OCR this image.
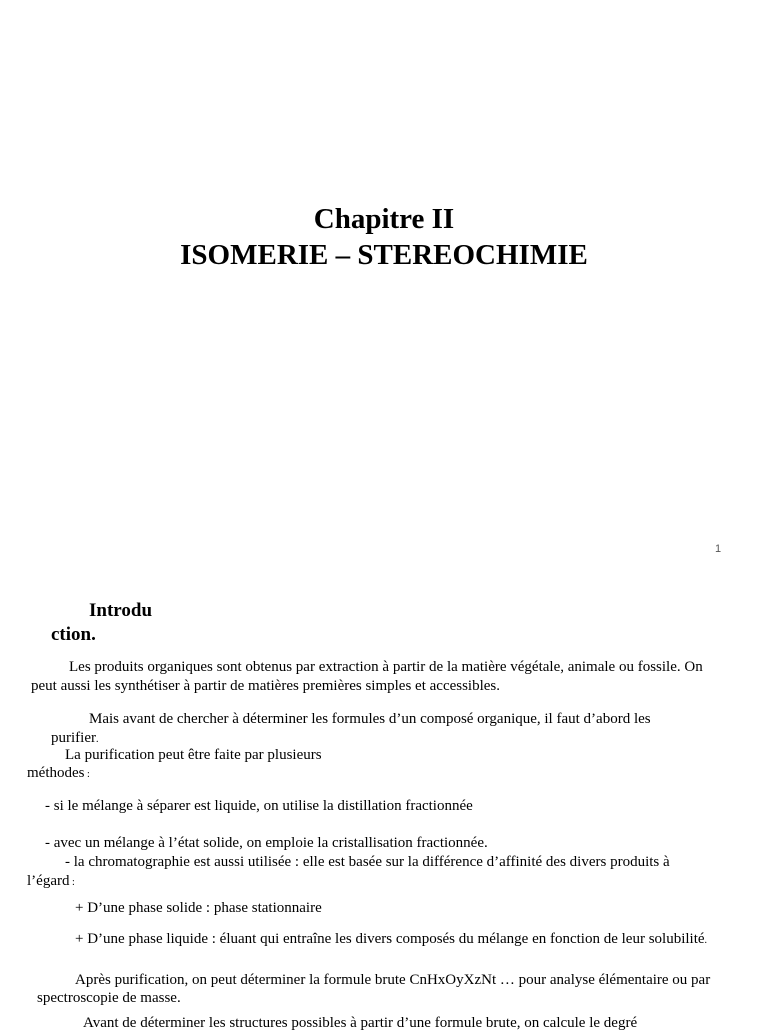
Chapitre II
ISOMERIE – STEREOCHIMIE
1
Introdu
ction.
Les produits organiques sont obtenus par extraction à partir de la matière végétale, animale ou fossile. On
peut aussi les synthétiser à partir de matières premières simples et accessibles.
Mais avant de chercher à déterminer les formules d’un composé organique, il faut d’abord les
purifier.
La purification peut être faite par plusieurs
méthodes :
- si le mélange à séparer est liquide, on utilise la distillation fractionnée
- avec un mélange à l’état solide, on emploie la cristallisation fractionnée.
- la chromatographie est aussi utilisée : elle est basée sur la différence d’affinité des divers produits à
l’égard :
+ D’une phase solide : phase stationnaire
+ D’une phase liquide : éluant qui entraîne les divers composés du mélange en fonction de leur solubilité.
Après purification, on peut déterminer la formule brute CnHxOyXzNt … pour analyse élémentaire ou par
spectroscopie de masse.
Avant de déterminer les structures possibles à partir d’une formule brute, on calcule le degré
